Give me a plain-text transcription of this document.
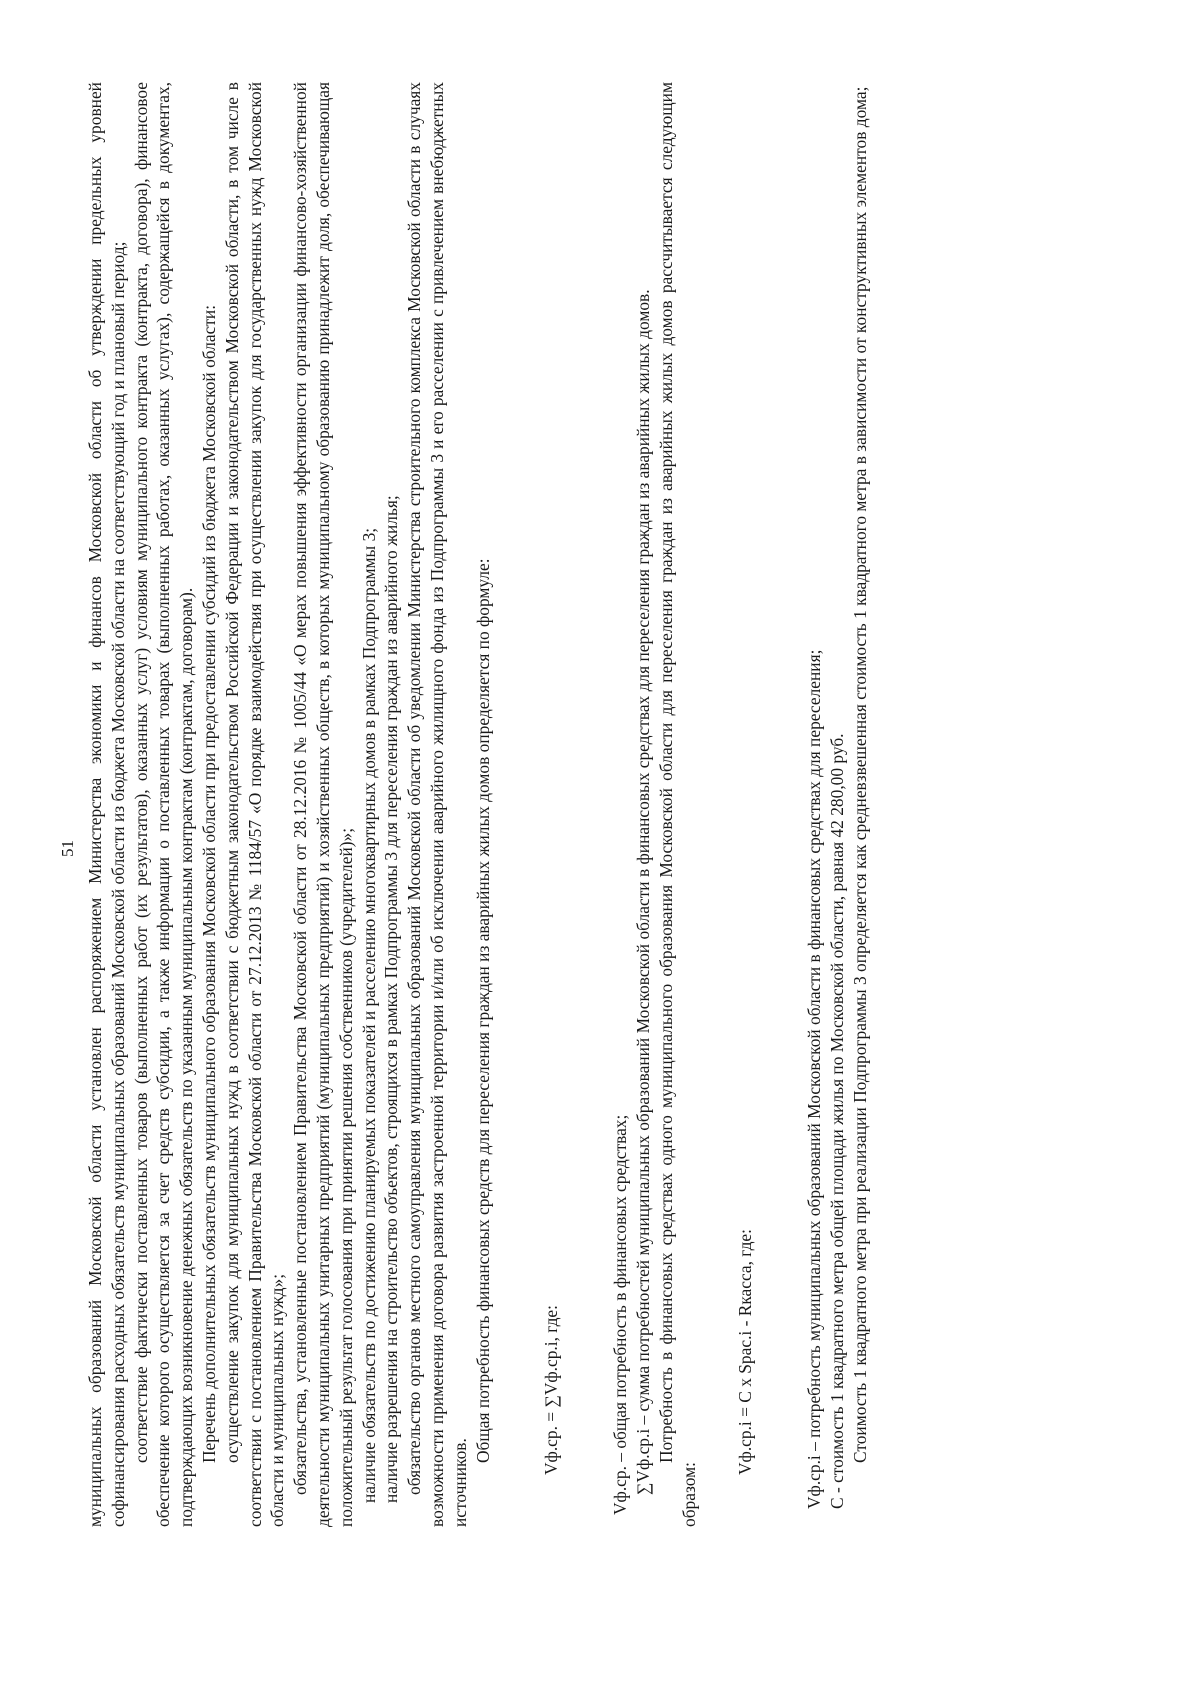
51 муниципальных образований Московской области установлен распоряжением Министерства экономики и финансов Московской области об утверждении предельных уровней софинансирования расходных обязательств муниципальных образований Московской области из бюджета Московской области на соответствующий год и плановый период; соответствие фактически поставленных товаров (выполненных работ (их результатов), оказанных услуг) условиям муниципального контракта (контракта, договора), финансовое обеспечение которого осуществляется за счет средств субсидии, а также информации о поставленных товарах (выполненных работах, оказанных услугах), содержащейся в документах, подтверждающих возникновение денежных обязательств по указанным муниципальным контрактам (контрактам, договорам). Перечень дополнительных обязательств муниципального образования Московской области при предоставлении субсидий из бюджета Московской области: осуществление закупок для муниципальных нужд в соответствии с бюджетным законодательством Российской Федерации и законодательством Московской области, в том числе в соответствии с постановлением Правительства Московской области от 27.12.2013 № 1184/57 «О порядке взаимодействия при осуществлении закупок для государственных нужд Московской области и муниципальных нужд»; обязательства, установленные постановлением Правительства Московской области от 28.12.2016 № 1005/44 «О мерах повышения эффективности организации финансово-хозяйственной деятельности муниципальных унитарных предприятий (муниципальных предприятий) и хозяйственных обществ, в которых муниципальному образованию принадлежит доля, обеспечивающая положительный результат голосования при принятии решения собственников (учредителей)»; наличие обязательств по достижению планируемых показателей и расселению многоквартирных домов в рамках Подпрограммы 3; наличие разрешения на строительство объектов, строящихся в рамках Подпрограммы 3 для переселения граждан из аварийного жилья; обязательство органов местного самоуправления муниципальных образований Московской области об уведомлении Министерства строительного комплекса Московской области в случаях возможности применения договора развития застроенной территории и/или об исключении аварийного жилищного фонда из Подпрограммы 3 и его расселении с привлечением внебюджетных источников.

Общая потребность финансовых средств для переселения граждан из аварийных жилых домов определяется по формуле:	Vф.ср. = ∑Vф.ср.i, где:	Vф.ср. – общая потребность в финансовых средствах; ∑Vф.ср.i – сумма потребностей муниципальных образований Московской области в финансовых средствах для переселения граждан из аварийных жилых домов. Потребность в финансовых средствах одного муниципального образования Московской области для переселения граждан из аварийных жилых домов рассчитывается следующим образом:

Vф.ср.i = C x Spac.i - Rкасса, где:	Vф.ср.i – потребность муниципальных образований Московской области в финансовых средствах для переселения; C - стоимость 1 квадратного метра общей площади жилья по Московской области, равная 42 280,00 руб. Стоимость 1 квадратного метра при реализации Подпрограммы 3 определяется как средневзвешенная стоимость 1 квадратного метра в зависимости от конструктивных элементов дома;
